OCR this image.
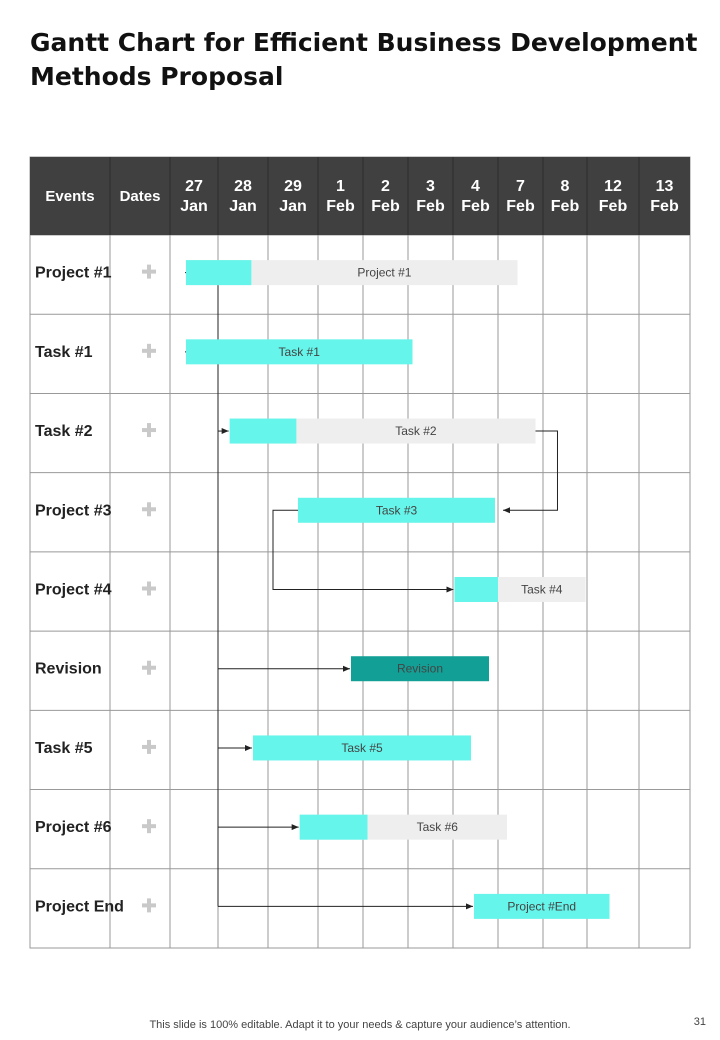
Gantt Chart for Efficient Business Development Methods Proposal
Events Dates
27
Jan
28
Jan
29
Jan
1
Feb
2
Feb
3
Feb
4
Feb
7
Feb
8
Feb
12
Feb
13
Feb
Project #1
Task #1
Task #2
Project #3
Project #4
Revision
Task #5
Project #6
Project End
Project #1
Task #1
Task #2
Task #3
Task #4
Revision
Task #5
Task #6
Project #End
This slide is 100% editable. Adapt it to your needs & capture your audience’s attention.	31
